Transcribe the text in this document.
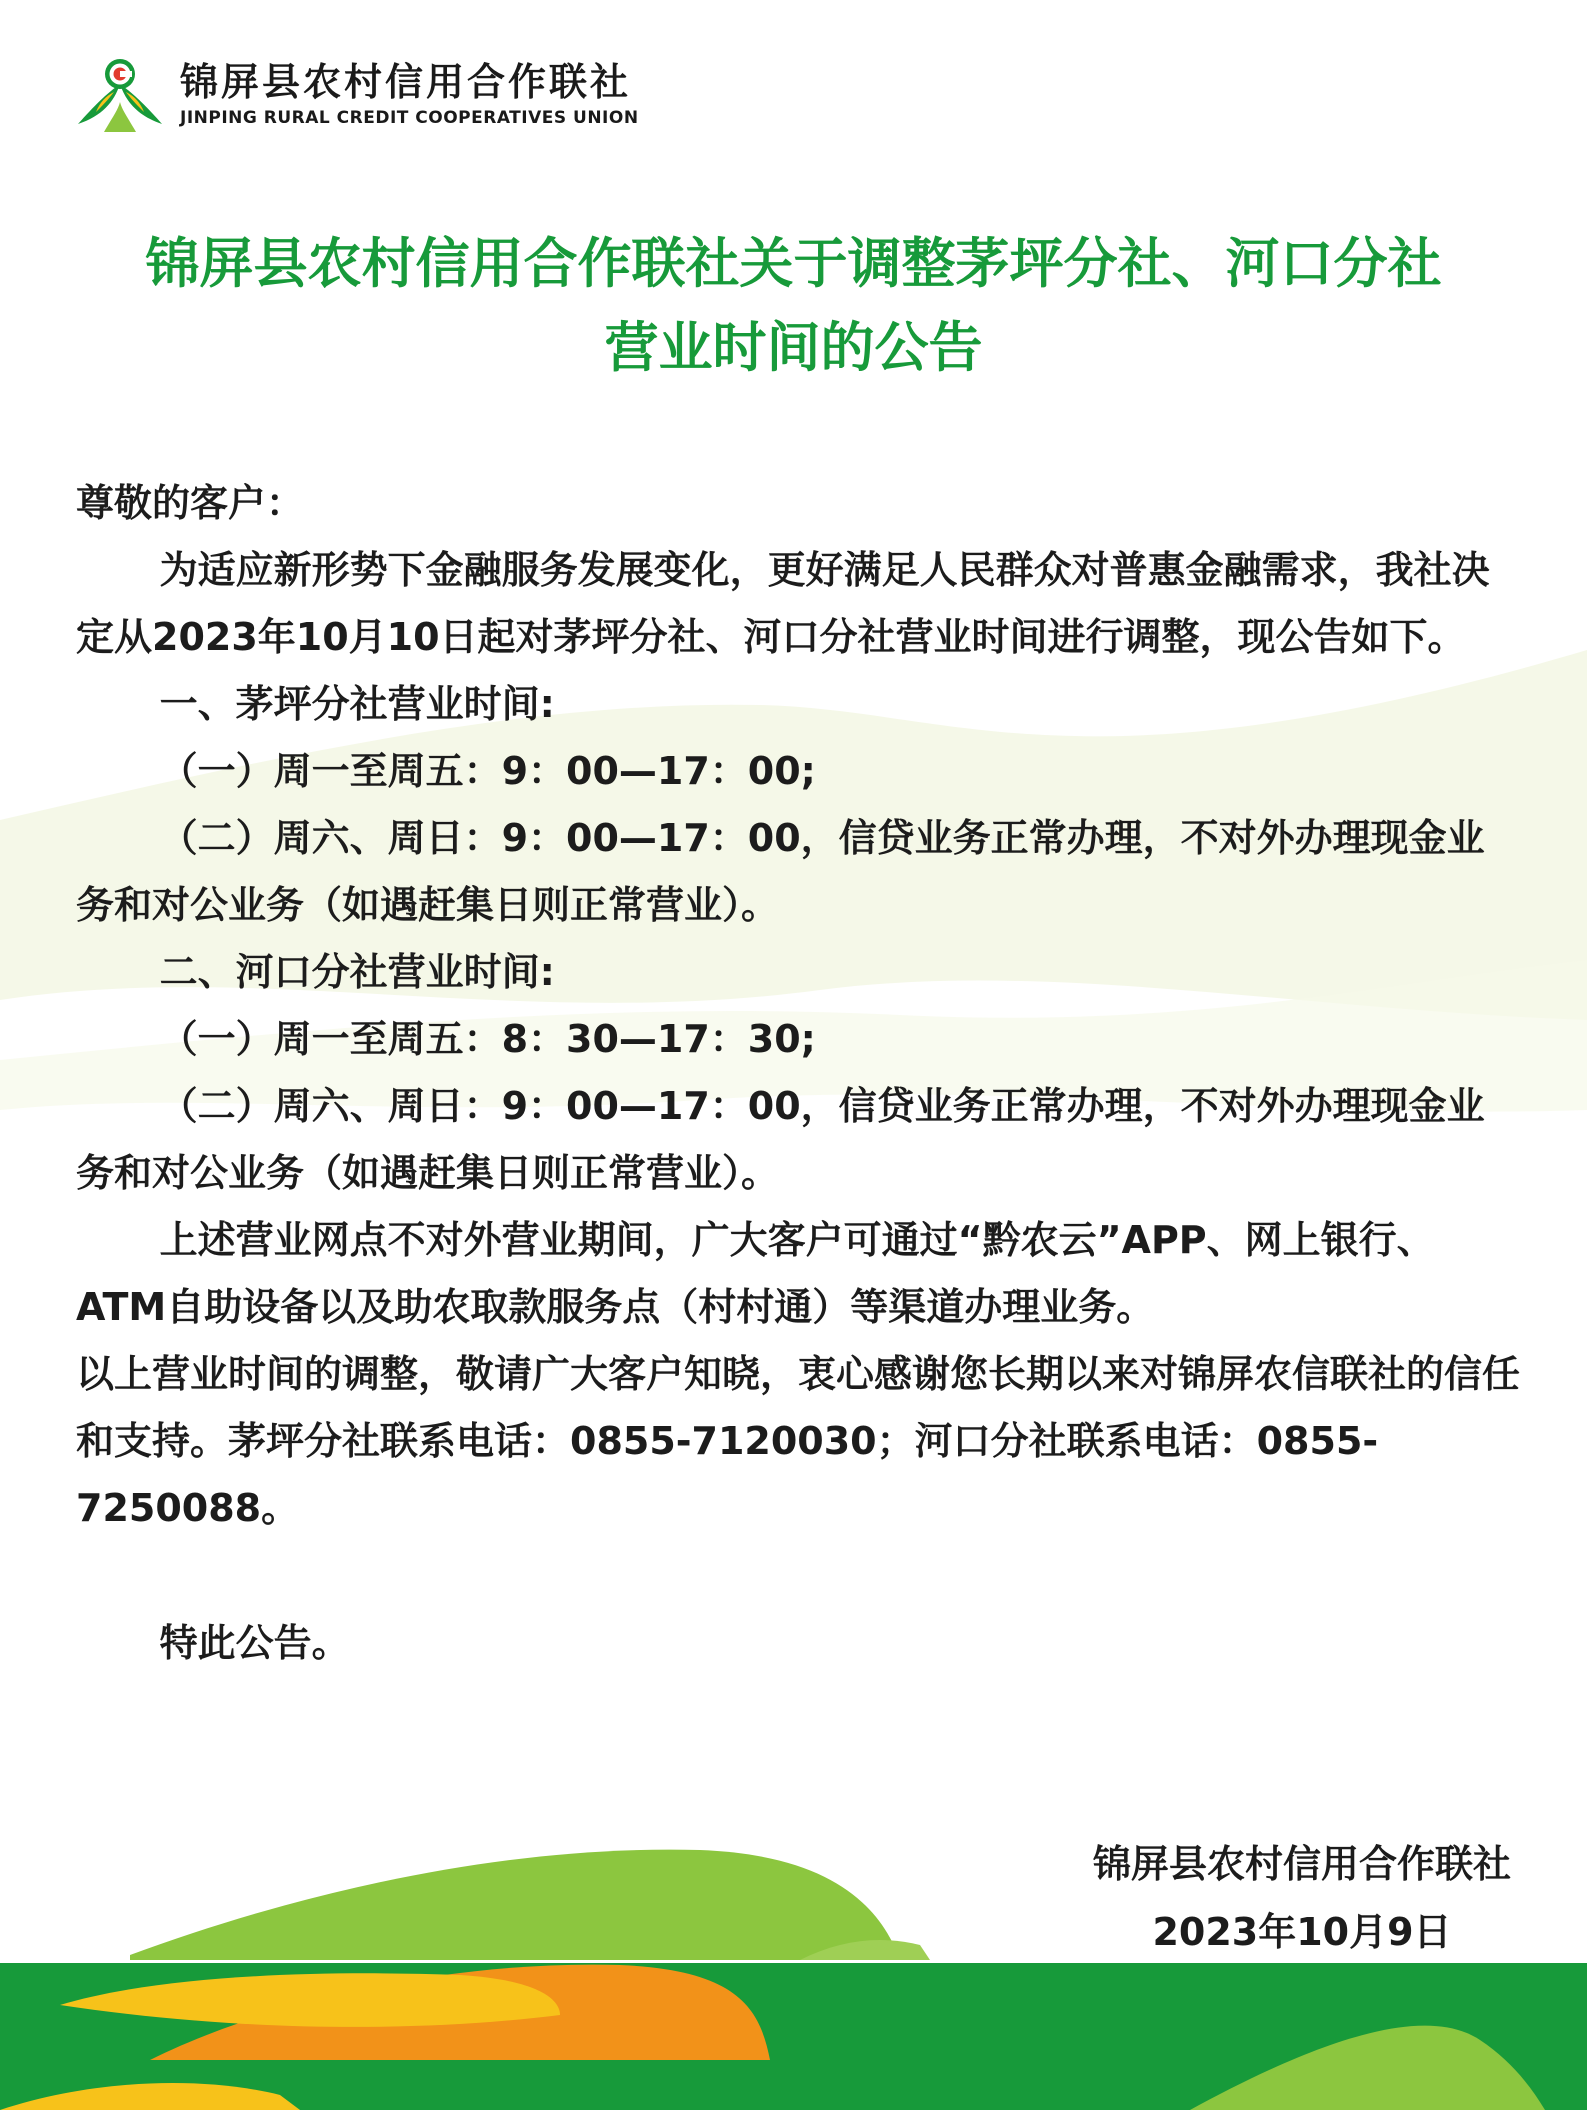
锦屏县农村信用合作联社
JINPING RURAL CREDIT COOPERATIVES UNION
锦屏县农村信用合作联社关于调整茅坪分社、河口分社
营业时间的公告

尊敬的客户：

为适应新形势下金融服务发展变化，更好满足人民群众对普惠金融需求，我社决定从2023年10月10日起对茅坪分社、河口分社营业时间进行调整，现公告如下。

一、茅坪分社营业时间:

（一）周一至周五：9：00—17：00;

（二）周六、周日：9：00—17：00，信贷业务正常办理，不对外办理现金业务和对公业务（如遇赶集日则正常营业）。

二、河口分社营业时间:

（一）周一至周五：8：30—17：30;

（二）周六、周日：9：00—17：00，信贷业务正常办理，不对外办理现金业务和对公业务（如遇赶集日则正常营业）。

上述营业网点不对外营业期间，广大客户可通过“黔农云”APP、网上银行、ATM自助设备以及助农取款服务点（村村通）等渠道办理业务。

以上营业时间的调整，敬请广大客户知晓，衷心感谢您长期以来对锦屏农信联社的信任和支持。茅坪分社联系电话：0855-7120030；河口分社联系电话：0855-7250088。

特此公告。

锦屏县农村信用合作联社
2023年10月9日
